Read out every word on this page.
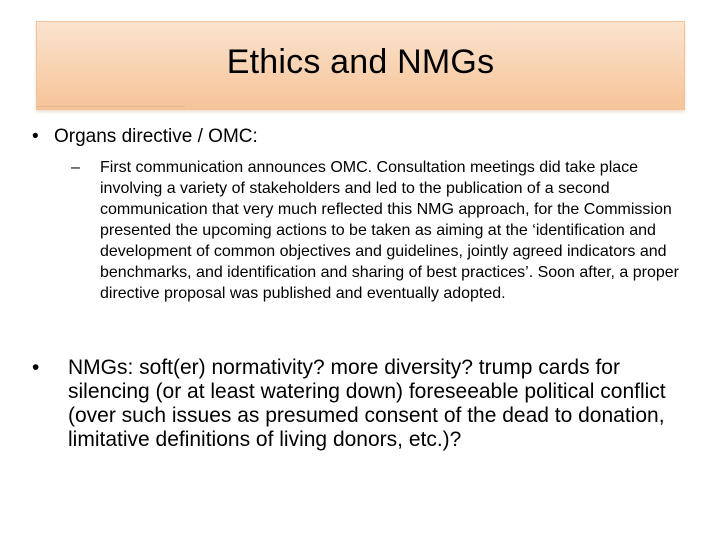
Ethics and NMGs
• Organs directive / OMC:
–	First communication announces OMC. Consultation meetings did take place involving a variety of stakeholders and led to the publication of a second communication that very much reflected this NMG approach, for the Commission presented the upcoming actions to be taken as aiming at the ‘identification and development of common objectives and guidelines, jointly agreed indicators and benchmarks, and identification and sharing of best practices’. Soon after, a proper directive proposal was published and eventually adopted.
•	NMGs: soft(er) normativity? more diversity? trump cards for silencing (or at least watering down) foreseeable political conflict (over such issues as presumed consent of the dead to donation, limitative definitions of living donors, etc.)?
